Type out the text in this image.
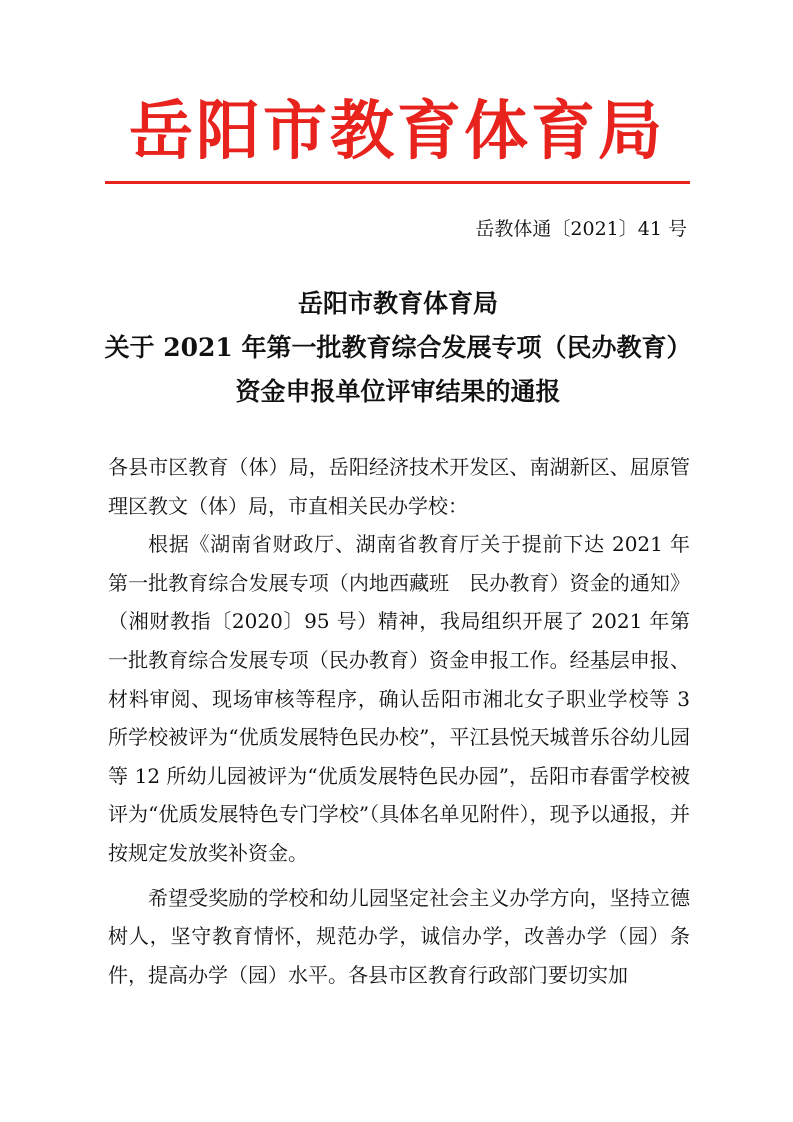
岳阳市教育体育局
岳教体通〔2021〕41 号
岳阳市教育体育局
关于 2021 年第一批教育综合发展专项（民办教育）
资金申报单位评审结果的通报

各县市区教育（体）局，岳阳经济技术开发区、南湖新区、屈原管理区教文（体）局，市直相关民办学校：

根据《湖南省财政厅、湖南省教育厅关于提前下达 2021 年第一批教育综合发展专项（内地西藏班　民办教育）资金的通知》（湘财教指〔2020〕95 号）精神，我局组织开展了 2021 年第一批教育综合发展专项（民办教育）资金申报工作。经基层申报、材料审阅、现场审核等程序，确认岳阳市湘北女子职业学校等 3 所学校被评为“优质发展特色民办校”，平江县悦天城普乐谷幼儿园等 12 所幼儿园被评为“优质发展特色民办园”，岳阳市春雷学校被评为“优质发展特色专门学校”（具体名单见附件），现予以通报，并按规定发放奖补资金。

希望受奖励的学校和幼儿园坚定社会主义办学方向，坚持立德树人，坚守教育情怀，规范办学，诚信办学，改善办学（园）条件，提高办学（园）水平。各县市区教育行政部门要切实加
